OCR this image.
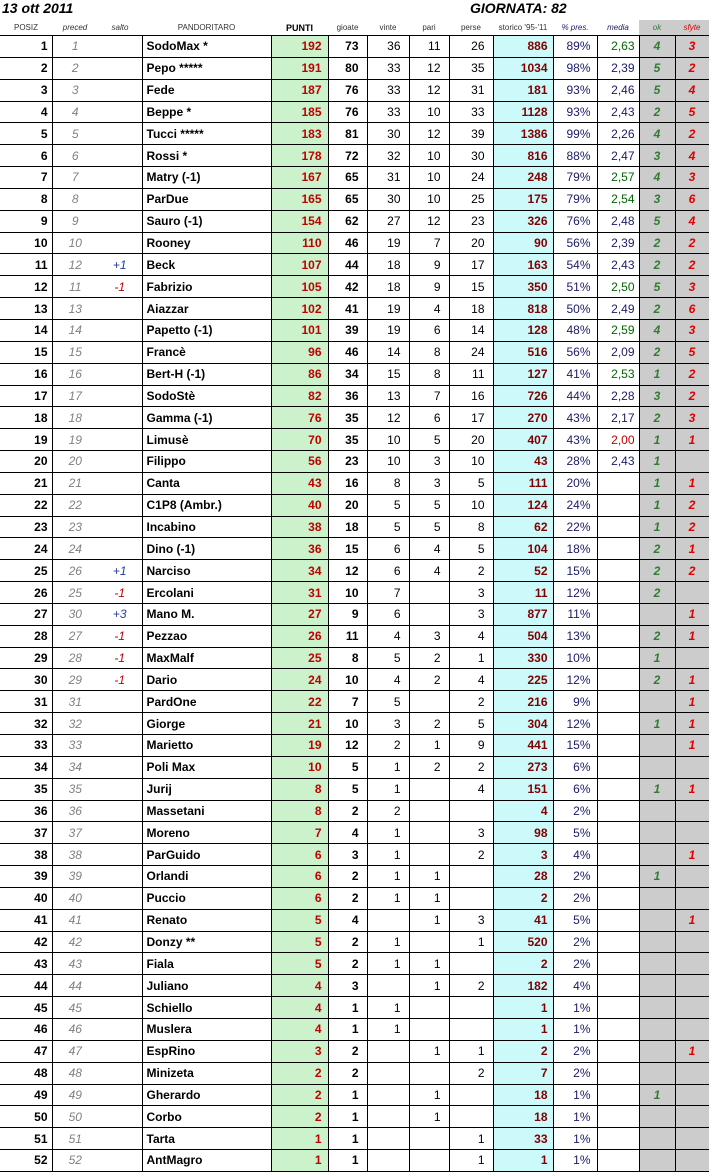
13 ott 2011	GIORNATA: 82
POSIZ	preced	salto	PANDORITARO	PUNTI	gioate	vinte	pari	perse	storico '95-'11	% pres.	media	ok	sfyte
1	1		SodoMax *	192	73	36	11	26	886	89%	2,63	4	3
2	2		Pepo *****	191	80	33	12	35	1034	98%	2,39	5	2
3	3		Fede	187	76	33	12	31	181	93%	2,46	5	4
4	4		Beppe *	185	76	33	10	33	1128	93%	2,43	2	5
5	5		Tucci *****	183	81	30	12	39	1386	99%	2,26	4	2
6	6		Rossi *	178	72	32	10	30	816	88%	2,47	3	4
7	7		Matry (-1)	167	65	31	10	24	248	79%	2,57	4	3
8	8		ParDue	165	65	30	10	25	175	79%	2,54	3	6
9	9		Sauro (-1)	154	62	27	12	23	326	76%	2,48	5	4
10	10		Rooney	110	46	19	7	20	90	56%	2,39	2	2
11	12	+1	Beck	107	44	18	9	17	163	54%	2,43	2	2
12	11	-1	Fabrizio	105	42	18	9	15	350	51%	2,50	5	3
13	13		Aiazzar	102	41	19	4	18	818	50%	2,49	2	6
14	14		Papetto (-1)	101	39	19	6	14	128	48%	2,59	4	3
15	15		Francè	96	46	14	8	24	516	56%	2,09	2	5
16	16		Bert-H (-1)	86	34	15	8	11	127	41%	2,53	1	2
17	17		SodoStè	82	36	13	7	16	726	44%	2,28	3	2
18	18		Gamma (-1)	76	35	12	6	17	270	43%	2,17	2	3
19	19		Limusè	70	35	10	5	20	407	43%	2,00	1	1
20	20		Filippo	56	23	10	3	10	43	28%	2,43	1	
21	21		Canta	43	16	8	3	5	111	20%		1	1
22	22		C1P8 (Ambr.)	40	20	5	5	10	124	24%		1	2
23	23		Incabino	38	18	5	5	8	62	22%		1	2
24	24		Dino (-1)	36	15	6	4	5	104	18%		2	1
25	26	+1	Narciso	34	12	6	4	2	52	15%		2	2
26	25	-1	Ercolani	31	10	7		3	11	12%		2	
27	30	+3	Mano M.	27	9	6		3	877	11%			1
28	27	-1	Pezzao	26	11	4	3	4	504	13%		2	1
29	28	-1	MaxMalf	25	8	5	2	1	330	10%		1	
30	29	-1	Dario	24	10	4	2	4	225	12%		2	1
31	31		PardOne	22	7	5		2	216	9%			1
32	32		Giorge	21	10	3	2	5	304	12%		1	1
33	33		Marietto	19	12	2	1	9	441	15%			1
34	34		Poli Max	10	5	1	2	2	273	6%			
35	35		Jurij	8	5	1		4	151	6%		1	1
36	36		Massetani	8	2	2			4	2%			
37	37		Moreno	7	4	1		3	98	5%			
38	38		ParGuido	6	3	1		2	3	4%			1
39	39		Orlandi	6	2	1	1		28	2%		1	
40	40		Puccio	6	2	1	1		2	2%			
41	41		Renato	5	4		1	3	41	5%			1
42	42		Donzy **	5	2	1		1	520	2%			
43	43		Fiala	5	2	1	1		2	2%			
44	44		Juliano	4	3		1	2	182	4%			
45	45		Schiello	4	1	1			1	1%			
46	46		Muslera	4	1	1			1	1%			
47	47		EspRino	3	2		1	1	2	2%			1
48	48		Minizeta	2	2			2	7	2%			
49	49		Gherardo	2	1		1		18	1%		1	
50	50		Corbo	2	1		1		18	1%			
51	51		Tarta	1	1			1	33	1%			
52	52		AntMagro	1	1			1	1	1%			
